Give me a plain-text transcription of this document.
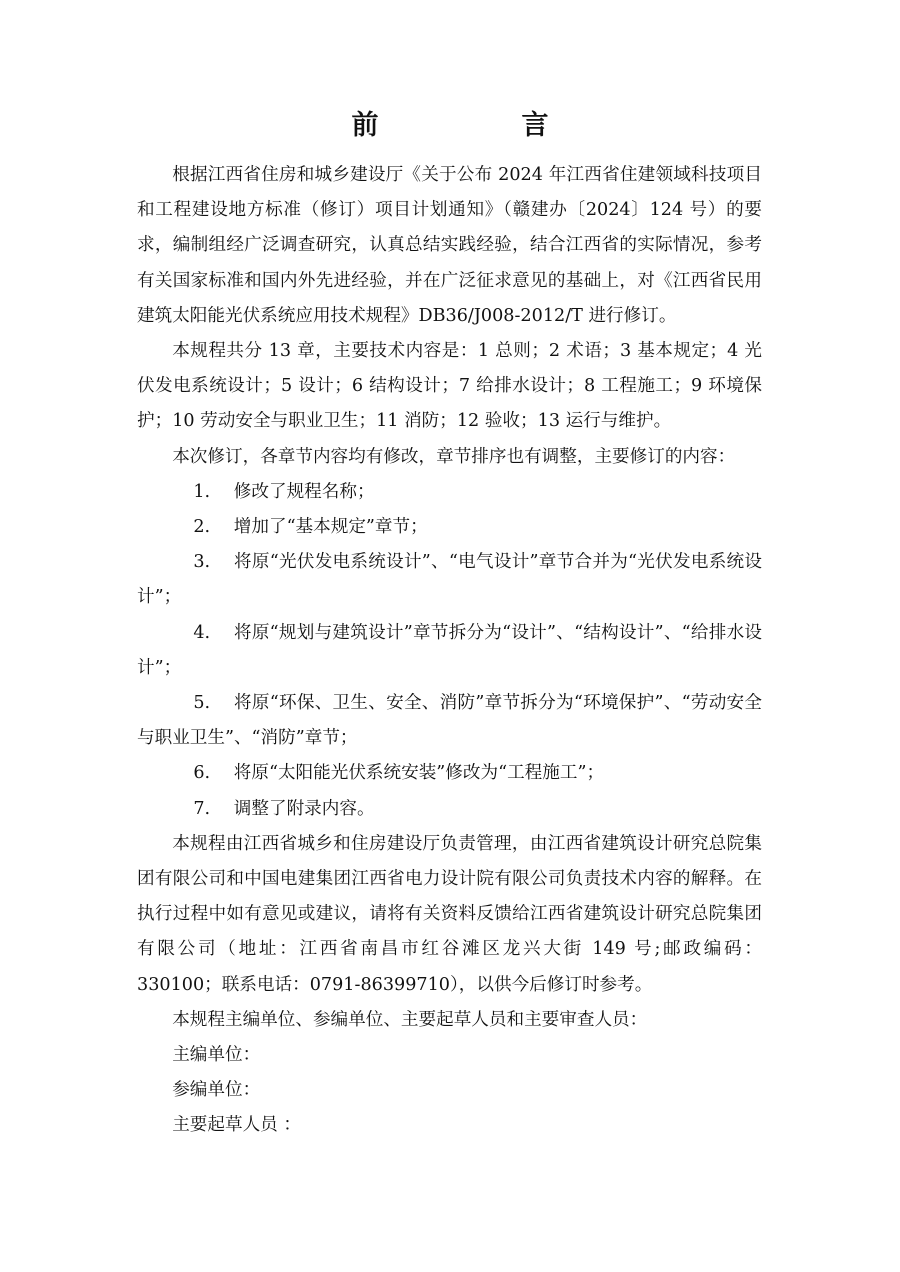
前　言

根据江西省住房和城乡建设厅《关于公布 2024 年江西省住建领域科技项目和工程建设地方标准（修订）项目计划通知》（赣建办〔2024〕124 号）的要求，编制组经广泛调查研究，认真总结实践经验，结合江西省的实际情况，参考有关国家标准和国内外先进经验，并在广泛征求意见的基础上，对《江西省民用建筑太阳能光伏系统应用技术规程》DB36/J008-2012/T 进行修订。

本规程共分 13 章，主要技术内容是：1 总则；2 术语；3 基本规定；4 光伏发电系统设计；5 设计；6 结构设计；7 给排水设计；8 工程施工；9 环境保护；10 劳动安全与职业卫生；11 消防；12 验收；13 运行与维护。

本次修订，各章节内容均有修改，章节排序也有调整，主要修订的内容：

1. 修改了规程名称；

2. 增加了“基本规定”章节；

3. 将原“光伏发电系统设计”、“电气设计”章节合并为“光伏发电系统设计”；

4. 将原“规划与建筑设计”章节拆分为“设计”、“结构设计”、“给排水设计”；

5. 将原“环保、卫生、安全、消防”章节拆分为“环境保护”、“劳动安全与职业卫生”、“消防”章节；

6. 将原“太阳能光伏系统安装”修改为“工程施工”；

7. 调整了附录内容。

本规程由江西省城乡和住房建设厅负责管理，由江西省建筑设计研究总院集团有限公司和中国电建集团江西省电力设计院有限公司负责技术内容的解释。在执行过程中如有意见或建议，请将有关资料反馈给江西省建筑设计研究总院集团有限公司（地址：江西省南昌市红谷滩区龙兴大街 149 号;邮政编码：330100；联系电话：0791-86399710），以供今后修订时参考。

本规程主编单位、参编单位、主要起草人员和主要审查人员：

主编单位：

参编单位：

主要起草人员 ：
